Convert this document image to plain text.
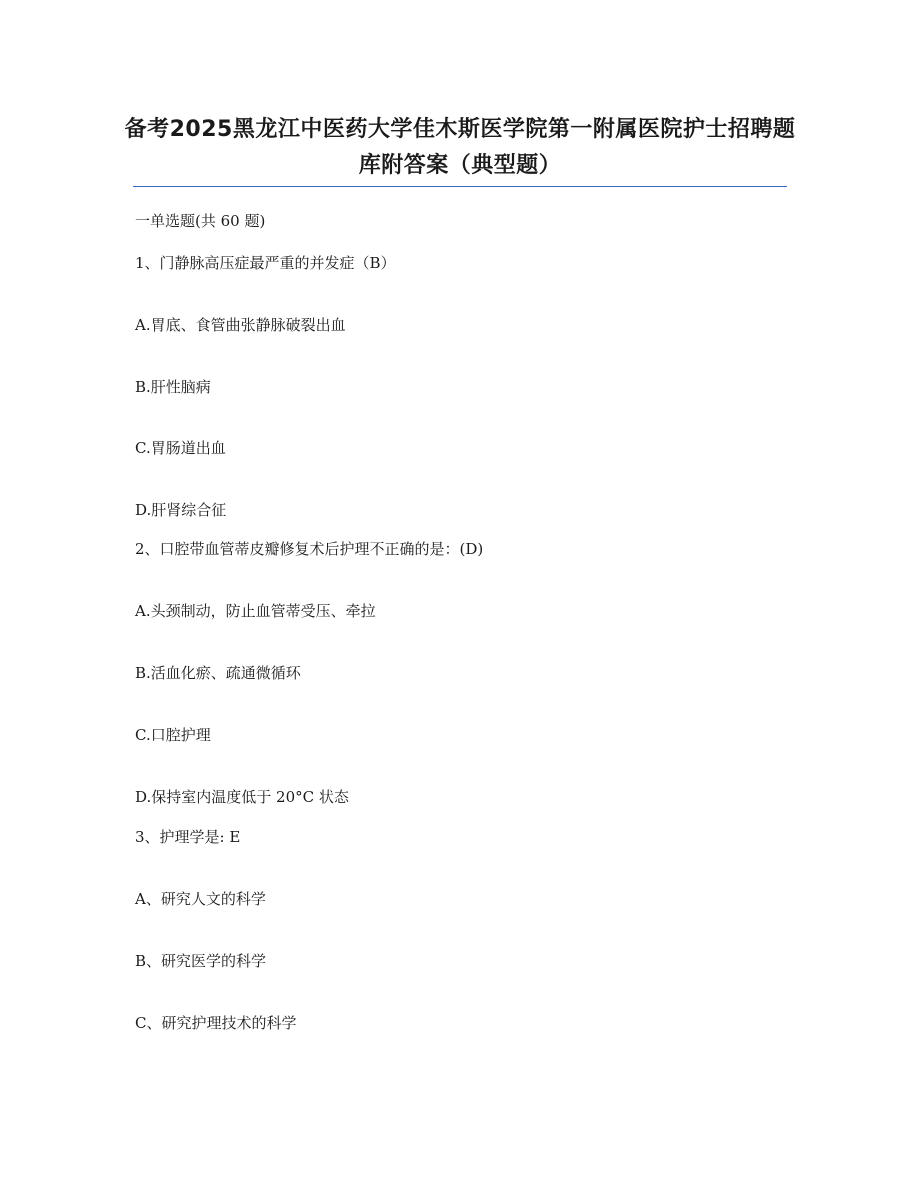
备考2025黑龙江中医药大学佳木斯医学院第一附属医院护士招聘题库附答案（典型题）

一单选题(共 60 题)

1、门静脉高压症最严重的并发症（B）

A.胃底、食管曲张静脉破裂出血

B.肝性脑病

C.胃肠道出血

D.肝肾综合征

2、口腔带血管蒂皮瓣修复术后护理不正确的是：(D)

A.头颈制动，防止血管蒂受压、牵拉

B.活血化瘀、疏通微循环

C.口腔护理

D.保持室内温度低于 20°C 状态

3、护理学是: E

A、研究人文的科学

B、研究医学的科学

C、研究护理技术的科学
